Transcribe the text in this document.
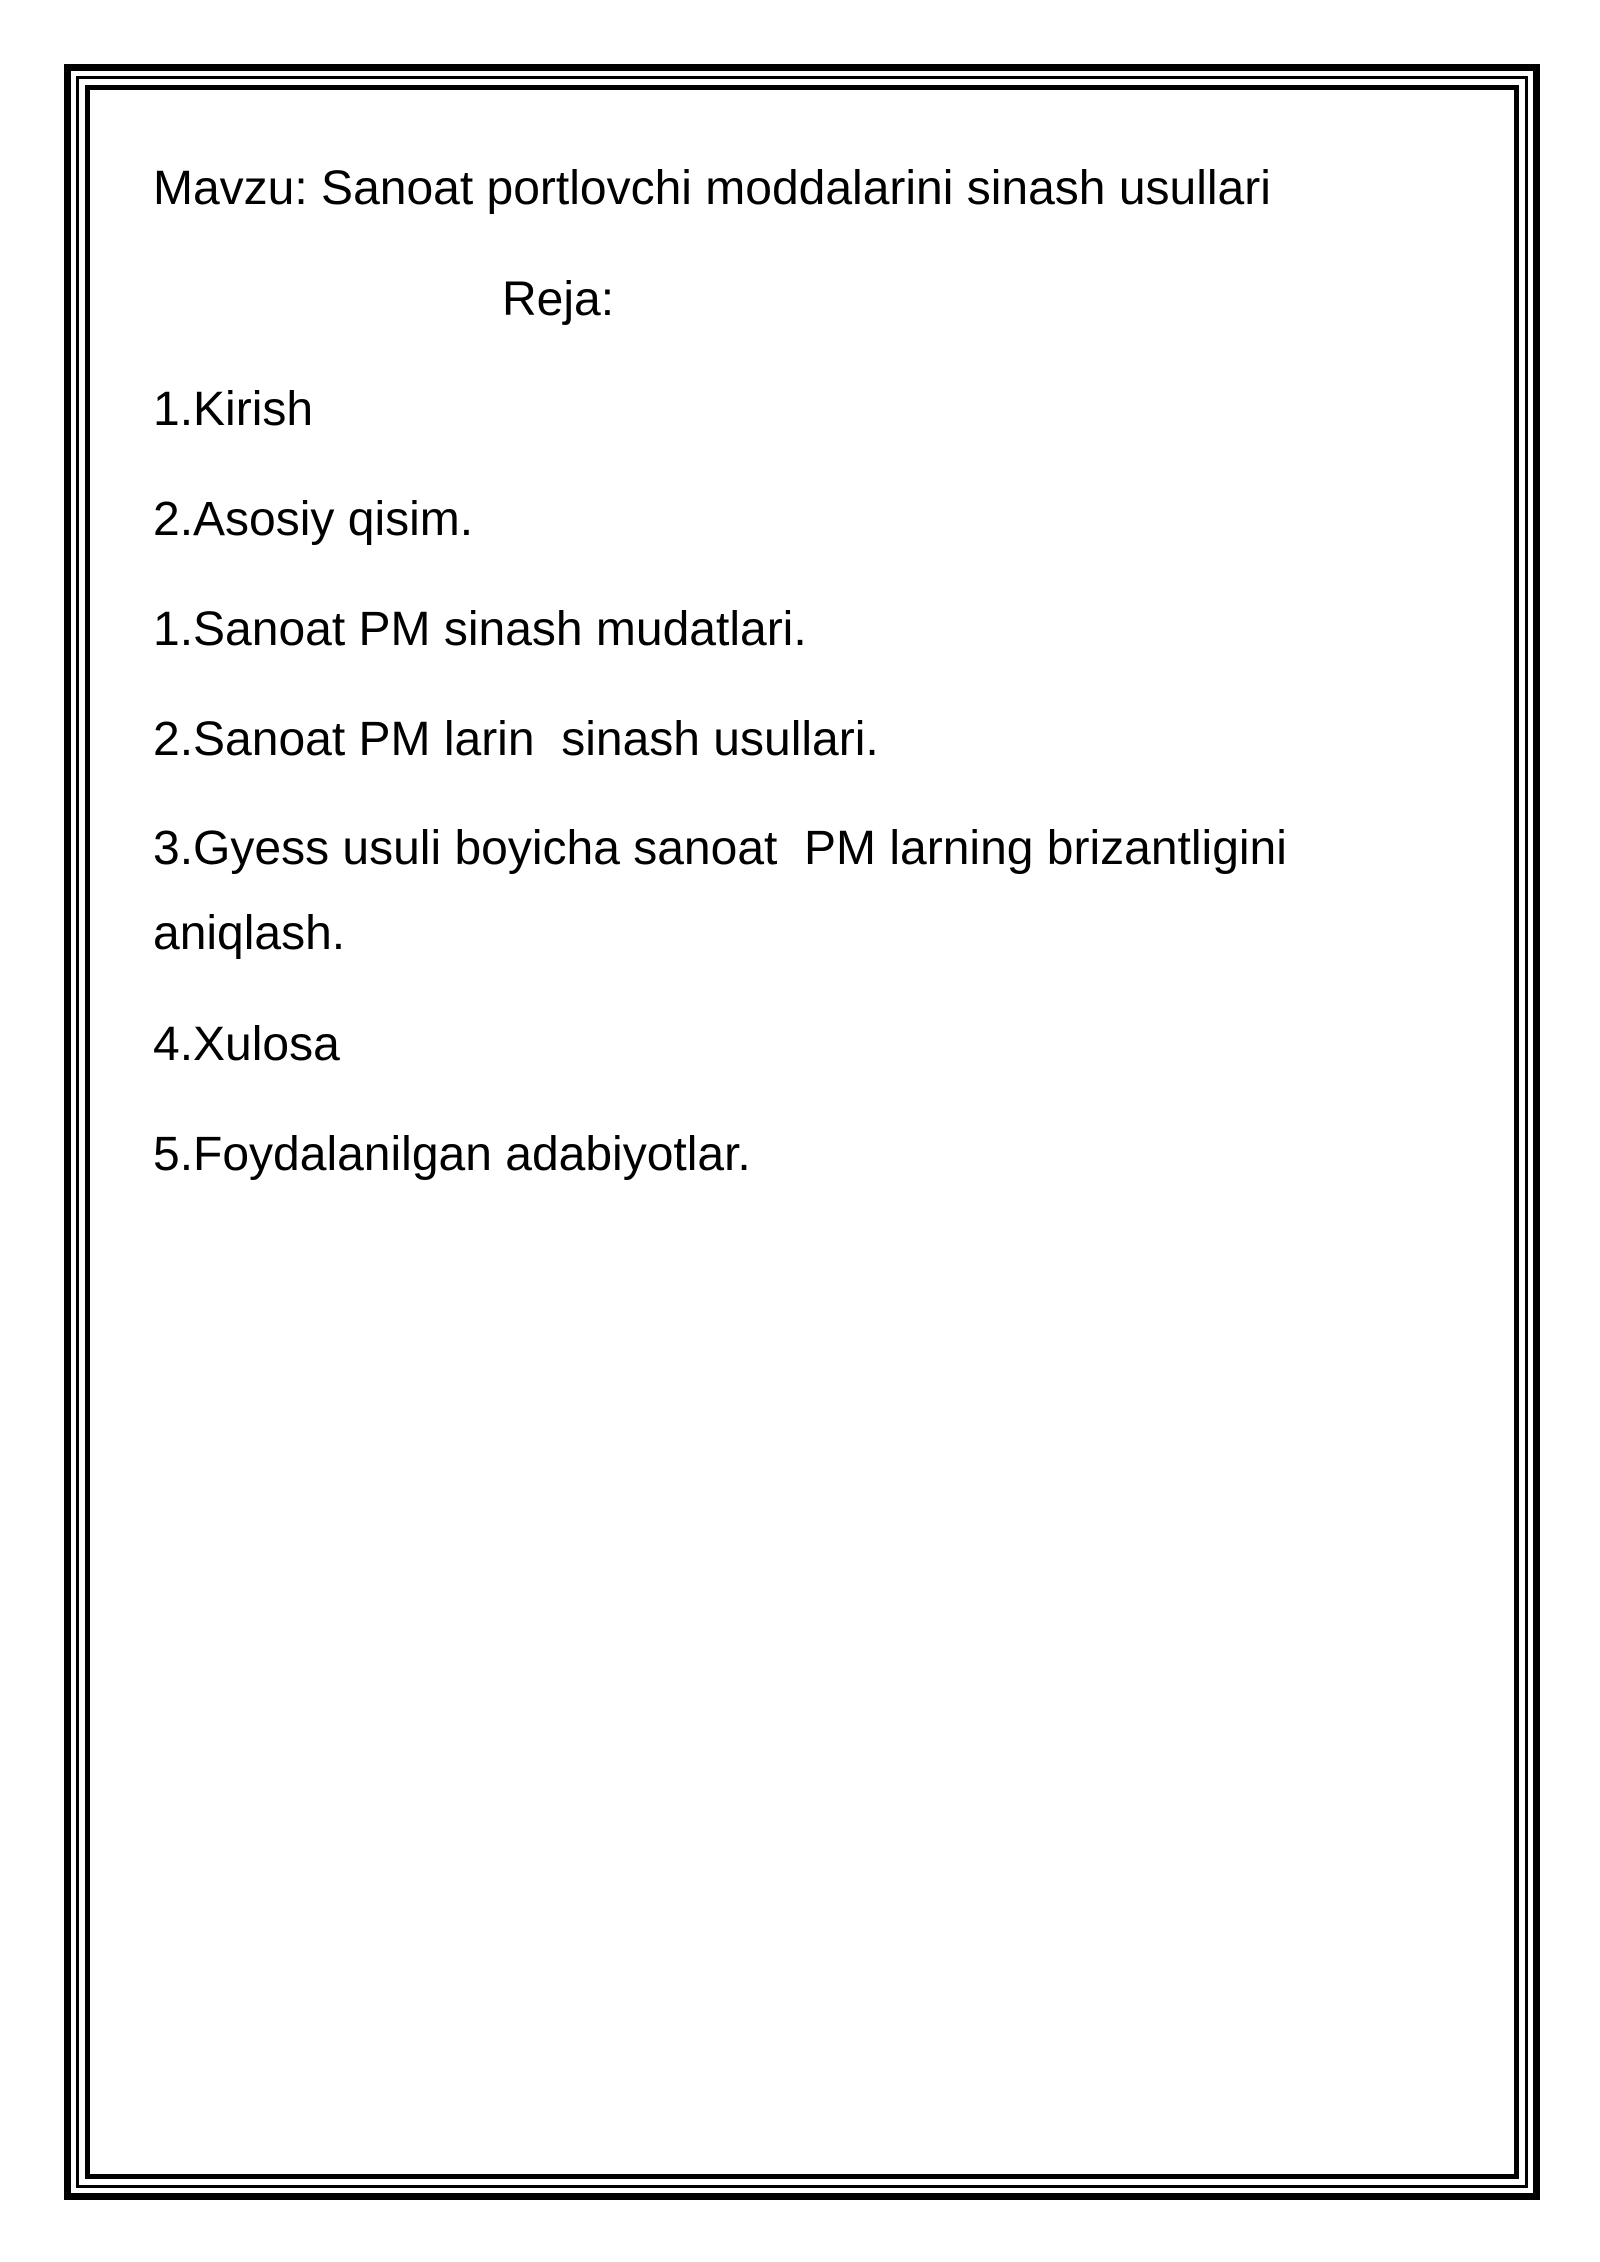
Mavzu: Sanoat portlovchi moddalarini sinash usullari
Reja:
1.Kirish
2.Asosiy qisim.
1.Sanoat PM sinash mudatlari.
2.Sanoat PM larin  sinash usullari.
3.Gyess usuli boyicha sanoat  PM larning brizantligini
aniqlash.
4.Xulosa
5.Foydalanilgan adabiyotlar.
